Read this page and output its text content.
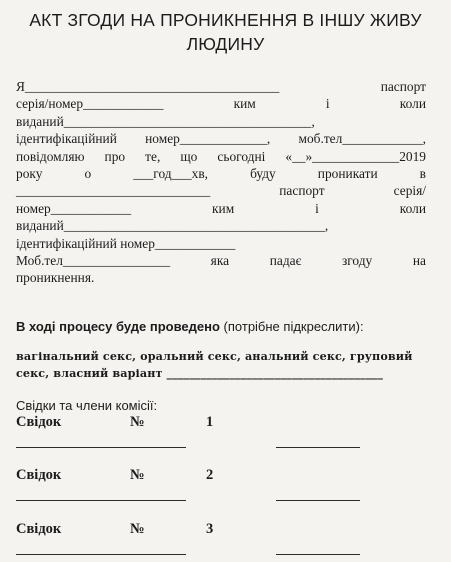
АКТ ЗГОДИ НА ПРОНИКНЕННЯ В ІНШУ ЖИВУ
ЛЮДИНУ
Я______________________________________ паспорт
серія/номер____________ ким і коли
виданий_____________________________________,
ідентифікаційний номер_____________, моб.тел____________,
повідомляю про те, що сьогодні «__»_____________2019
року о ___год___хв, буду проникати в
_____________________________ паспорт серія/
номер____________ ким і коли
виданий_______________________________________,
ідентифікаційний номер____________
Моб.тел________________ яка падає згоду на
проникнення.
В ході процесу буде проведено (потрібне підкреслити):
вагінальний секс, оральний секс, анальний секс, груповий
секс, власний варіант ______________________________________
Свідки та члени комісії:
Свідок	№	1
Свідок	№	2
Свідок	№	3
